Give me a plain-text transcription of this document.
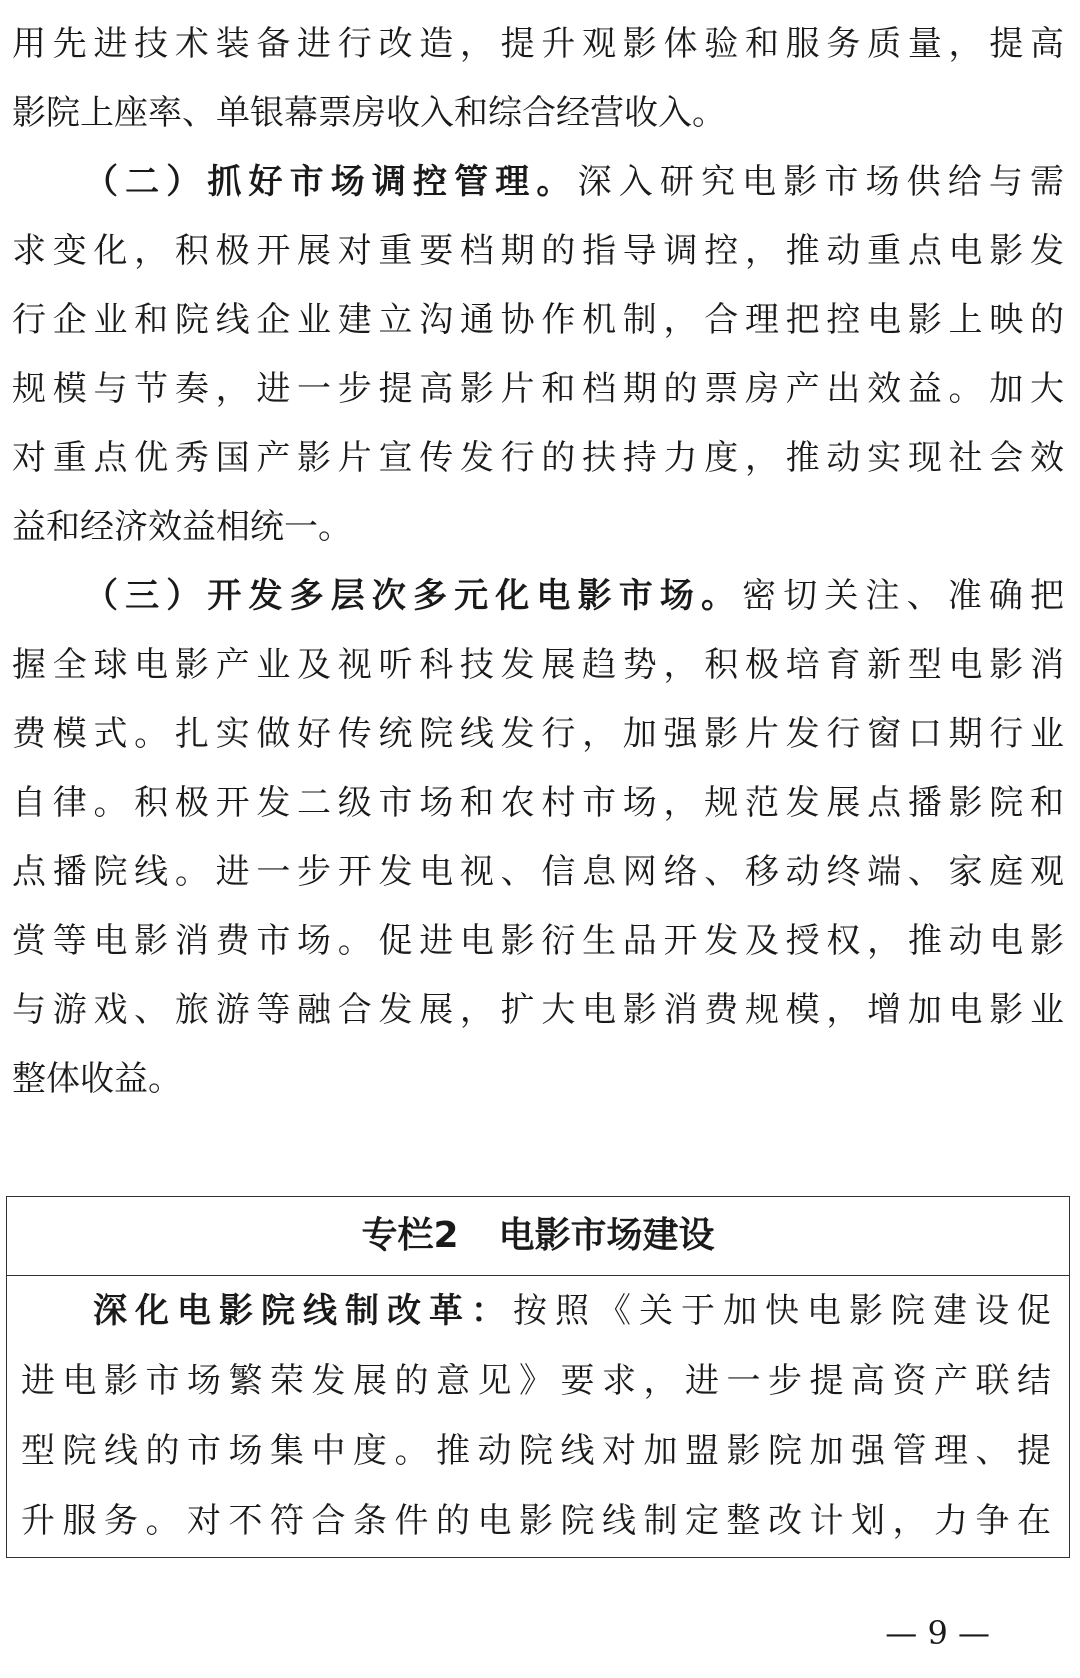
用先进技术装备进行改造，提升观影体验和服务质量，提高
影院上座率、单银幕票房收入和综合经营收入。
（二）抓好市场调控管理。深入研究电影市场供给与需
求变化，积极开展对重要档期的指导调控，推动重点电影发
行企业和院线企业建立沟通协作机制，合理把控电影上映的
规模与节奏，进一步提高影片和档期的票房产出效益。加大
对重点优秀国产影片宣传发行的扶持力度，推动实现社会效
益和经济效益相统一。
（三）开发多层次多元化电影市场。密切关注、准确把
握全球电影产业及视听科技发展趋势，积极培育新型电影消
费模式。扎实做好传统院线发行，加强影片发行窗口期行业
自律。积极开发二级市场和农村市场，规范发展点播影院和
点播院线。进一步开发电视、信息网络、移动终端、家庭观
赏等电影消费市场。促进电影衍生品开发及授权，推动电影
与游戏、旅游等融合发展，扩大电影消费规模，增加电影业
整体收益。
专栏2 电影市场建设
深化电影院线制改革：按照《关于加快电影院建设促
进电影市场繁荣发展的意见》要求，进一步提高资产联结
型院线的市场集中度。推动院线对加盟影院加强管理、提
升服务。对不符合条件的电影院线制定整改计划，力争在
— 9 —
